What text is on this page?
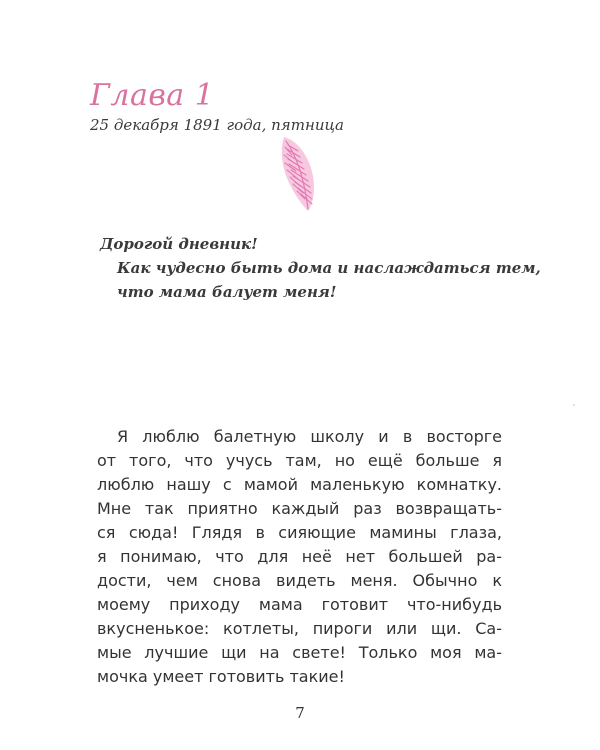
Глава 1
25 декабря 1891 года, пятница
Дорогой дневник!
Как чудесно быть дома и наслаждаться тем,
что мама балует меня!
Я люблю балетную школу и в восторге
от того, что учусь там, но ещё больше я
люблю нашу с мамой маленькую комнатку.
Мне так приятно каждый раз возвращать-
ся сюда! Глядя в сияющие мамины глаза,
я понимаю, что для неё нет большей ра-
дости, чем снова видеть меня. Обычно к
моему приходу мама готовит что-нибудь
вкусненькое: котлеты, пироги или щи. Са-
мые лучшие щи на свете! Только моя ма-
мочка умеет готовить такие!
7
